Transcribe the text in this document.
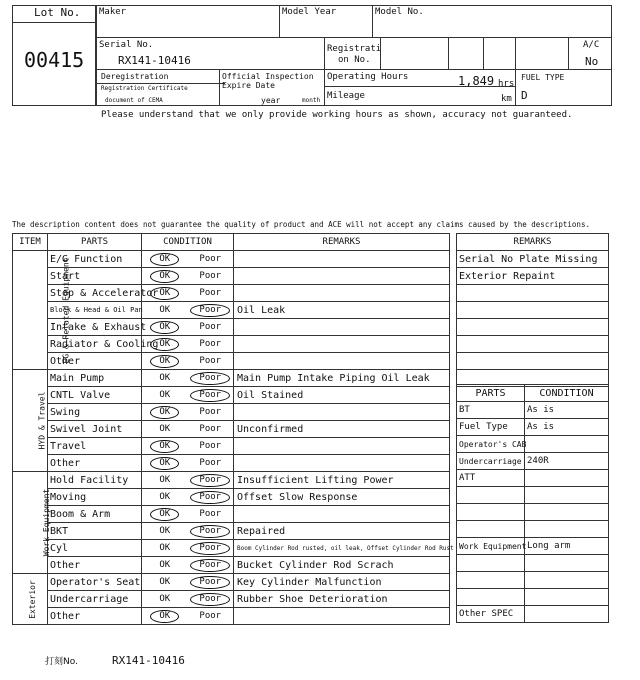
Lot No.
00415
Maker	Model Year	Model No.
Serial No.
RX141-10416
Registrati
on No.
A/C
No
Deregistration
Registration Certificate
document of CEMA
Official Inspection
Expire Date
year	month
Operating Hours	1,849 hrs
Mileage	km
FUEL TYPE
D
Please understand that we only provide working hours as shown, accuracy not guaranteed.
The description content does not guarantee the quality of product and ACE will not accept any claims caused by the descriptions.
ITEM	PARTS	CONDITION		REMARKS
EG & Related Equipment	E/G Function	OK	Poor	
	Start	OK	Poor	
	Stop & Accelerator	OK	Poor	
	Block & Head & Oil Pan	OK	Poor	Oil Leak
	Intake & Exhaust	OK	Poor	
	Radiator & Cooling	OK	Poor	
	Other	OK	Poor	
HYD & Travel	Main Pump	OK	Poor	Main Pump Intake Piping Oil Leak
	CNTL Valve	OK	Poor	Oil Stained
	Swing	OK	Poor	
	Swivel Joint	OK	Poor	Unconfirmed
	Travel	OK	Poor	
	Other	OK	Poor	
Work Equipment	Hold Facility	OK	Poor	Insufficient Lifting Power
	Moving	OK	Poor	Offset Slow Response
	Boom & Arm	OK	Poor	
	BKT	OK	Poor	Repaired
	Cyl	OK	Poor	Boom Cylinder Rod rusted, oil leak, Offset Cylinder Rod Rust
	Other	OK	Poor	Bucket Cylinder Rod Scrach
Exterior	Operator's Seat	OK	Poor	Key Cylinder Malfunction
	Undercarriage	OK	Poor	Rubber Shoe Deterioration
	Other	OK	Poor	
REMARKS
Serial No Plate Missing
Exterior Repaint

PARTS	CONDITION
BT	As is
Fuel Type	As is
Operator's CAB	
Undercarriage	240R
ATT	

Work Equipment	Long arm

Other SPEC	
打刻No.	RX141-10416
